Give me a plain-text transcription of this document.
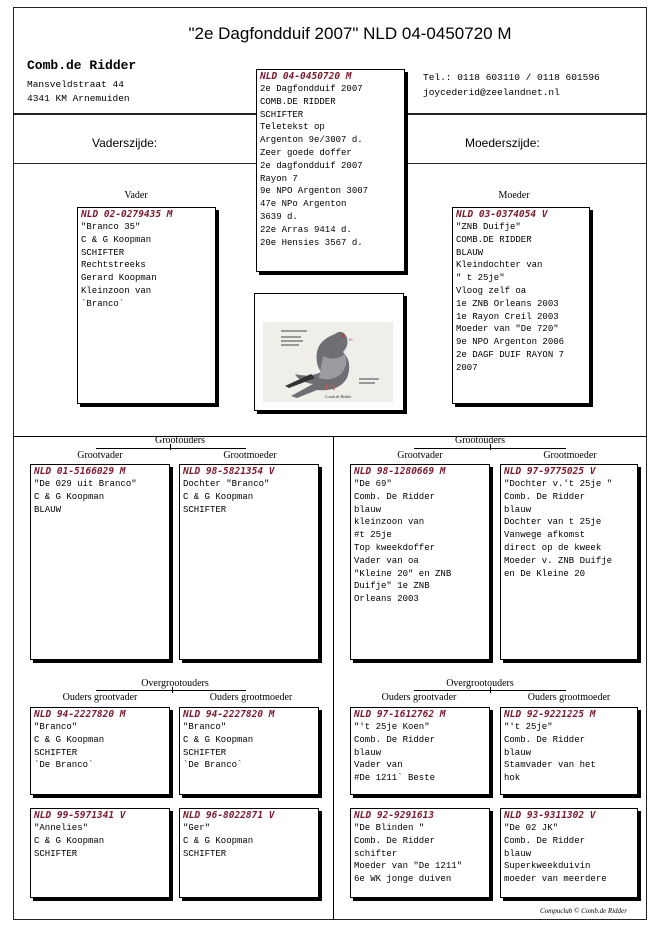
"2e Dagfondduif 2007" NLD 04-0450720 M
Comb.de Ridder
Mansveldstraat 44
4341 KM Arnemuiden
Tel.: 0118 603110 / 0118 601596
joycederid@zeelandnet.nl
Vaderszijde:	Moederszijde:
NLD 04-0450720 M
2e Dagfondduif 2007
COMB.DE RIDDER
SCHIFTER
Teletekst op
Argenton 9e/3007 d.
Zeer goede doffer
2e dagfondduif 2007
Rayon 7
9e NPO Argenton 3007
47e NPo Argenton
3639 d.
22e Arras 9414 d.
20e Hensies 3567 d.
Comb.de Ridder
Vader
NLD 02-0279435 M
"Branco 35"
C & G Koopman
SCHIFTER
Rechtstreeks
Gerard Koopman
Kleinzoon van
`Branco`
Moeder
NLD 03-0374054 V
"ZNB Duifje"
COMB.DE RIDDER
BLAUW
Kleindochter van
" t 25je"
Vloog zelf oa
1e ZNB Orleans 2003
1e Rayon Creil 2003
Moeder van "De 720"
9e NPO Argenton 2006
2e DAGF DUIF RAYON 7
2007
Grootouders
Grootvader	Grootmoeder
Grootouders
Grootvader	Grootmoeder
NLD 01-5166029 M
"De 029 uit Branco"
C & G Koopman
BLAUW
NLD 98-5821354 V
Dochter "Branco"
C & G Koopman
SCHIFTER
NLD 98-1280669 M
"De 69"
Comb. De Ridder
blauw
kleinzoon van
#t 25je
Top kweekdoffer
Vader van oa
"Kleine 20" en ZNB
Duifje" 1e ZNB
Orleans 2003
NLD 97-9775025 V
"Dochter v.'t 25je "
Comb. De Ridder
blauw
Dochter van t 25je
Vanwege afkomst
direct op de kweek
Moeder v. ZNB Duifje
en De Kleine 20
Overgrootouders
Ouders grootvader	Ouders grootmoeder
Overgrootouders
Ouders grootvader	Ouders grootmoeder
NLD 94-2227820 M
"Branco"
C & G Koopman
SCHIFTER
`De Branco`
NLD 94-2227820 M
"Branco"
C & G Koopman
SCHIFTER
`De Branco`
NLD 97-1612762 M
"'t 25je Koen"
Comb. De Ridder
blauw
Vader van
#De 1211` Beste
NLD 92-9221225 M
"'t 25je"
Comb. De Ridder
blauw
Stamvader van het
hok
NLD 99-5971341 V
"Annelies"
C & G Koopman
SCHIFTER
NLD 96-8022871 V
"Ger"
C & G Koopman
SCHIFTER
NLD 92-9291613
"De Blinden "
Comb. De Ridder
schifter
Moeder van "De 1211"
6e WK jonge duiven
NLD 93-9311302 V
"De 02 JK"
Comb. De Ridder
blauw
Superkweekduivin
moeder van meerdere
Compuclub © Comb.de Ridder
